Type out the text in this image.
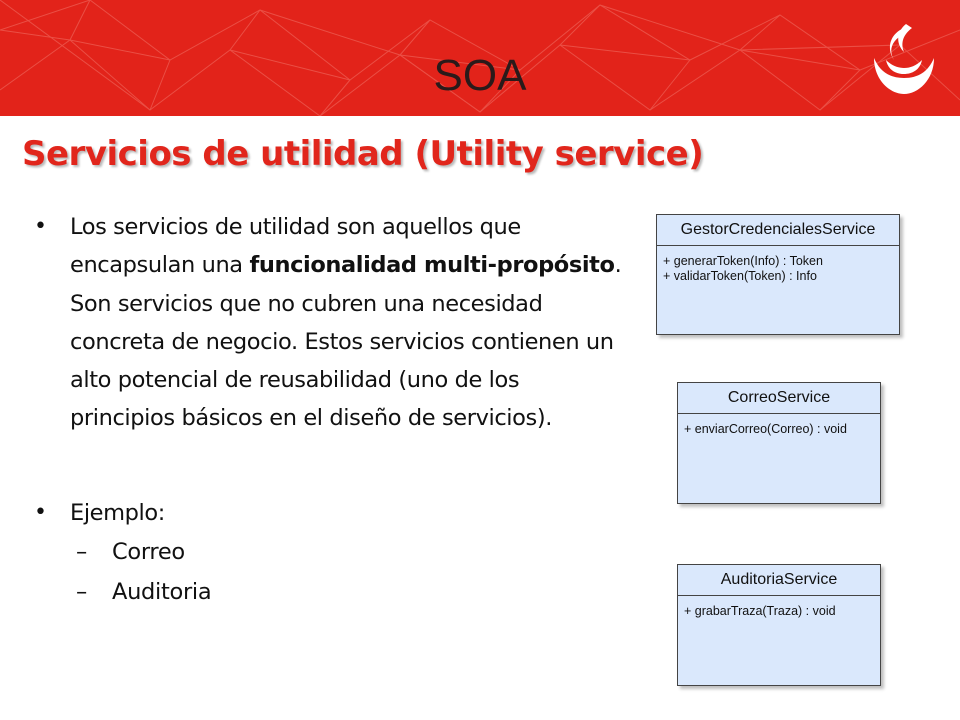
SOA
Servicios de utilidad (Utility service)
• Los servicios de utilidad son aquellos que encapsulan una funcionalidad multi-propósito. Son servicios que no cubren una necesidad concreta de negocio. Estos servicios contienen un alto potencial de reusabilidad (uno de los principios básicos en el diseño de servicios).
• Ejemplo:
– Correo
– Auditoria
GestorCredencialesService
+ generarToken(Info) : Token
+ validarToken(Token) : Info
CorreoService
+ enviarCorreo(Correo) : void
AuditoriaService
+ grabarTraza(Traza) : void
